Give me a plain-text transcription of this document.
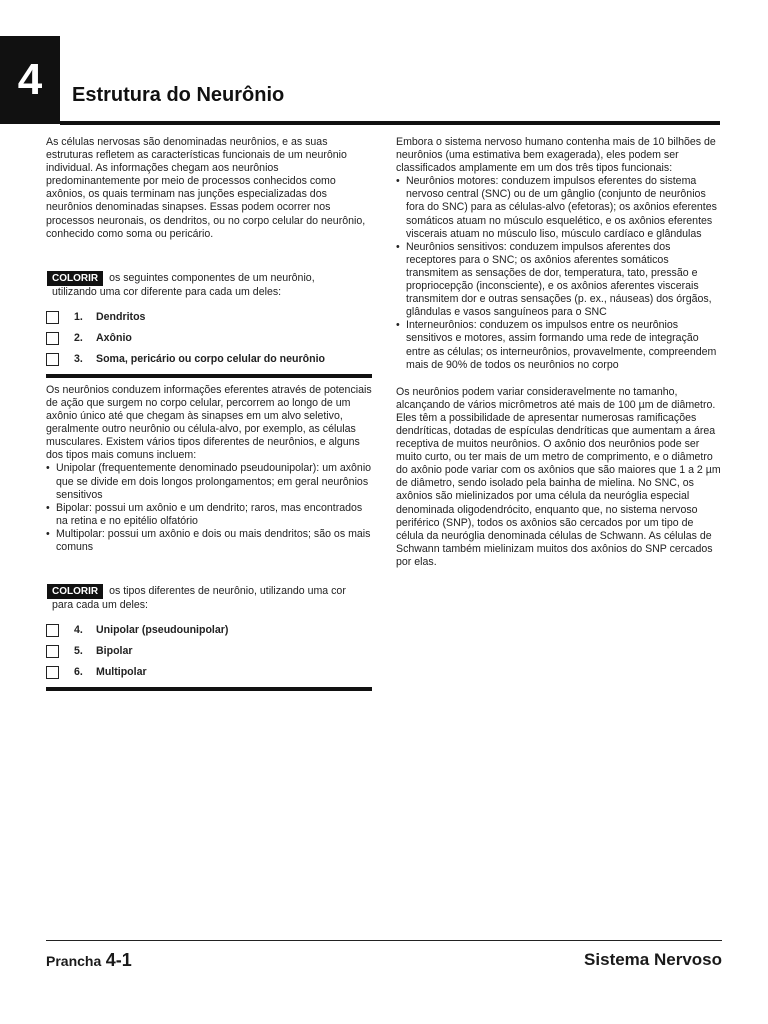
4	Estrutura do Neurônio

As células nervosas são denominadas neurônios, e as suas estruturas refletem as características funcionais de um neurônio individual. As informações chegam aos neurônios predominantemente por meio de processos conhecidos como axônios, os quais terminam nas junções especializadas dos neurônios denominadas sinapses. Essas podem ocorrer nos processos neuronais, os dendritos, ou no corpo celular do neurônio, conhecido como soma ou pericário.

COLORIR os seguintes componentes de um neurônio,
utilizando uma cor diferente para cada um deles:
1.	Dendritos
2.	Axônio
3.	Soma, pericário ou corpo celular do neurônio

Os neurônios conduzem informações eferentes através de potenciais de ação que surgem no corpo celular, percorrem ao longo de um axônio único até que chegam às sinapses em um alvo seletivo, geralmente outro neurônio ou célula-alvo, por exemplo, as células musculares. Existem vários tipos diferentes de neurônios, e alguns dos tipos mais comuns incluem:

• Unipolar (frequentemente denominado pseudounipolar): um axônio que se divide em dois longos prolongamentos; em geral neurônios sensitivos
• Bipolar: possui um axônio e um dendrito; raros, mas encontrados na retina e no epitélio olfatório
• Multipolar: possui um axônio e dois ou mais dendritos; são os mais comuns
COLORIR os tipos diferentes de neurônio, utilizando uma cor
para cada um deles:
4.	Unipolar (pseudounipolar)
5.	Bipolar
6.	Multipolar

Embora o sistema nervoso humano contenha mais de 10 bilhões de neurônios (uma estimativa bem exagerada), eles podem ser classificados amplamente em um dos três tipos funcionais:

• Neurônios motores: conduzem impulsos eferentes do sistema nervoso central (SNC) ou de um gânglio (conjunto de neurônios fora do SNC) para as células-alvo (efetoras); os axônios eferentes somáticos atuam no músculo esquelético, e os axônios eferentes viscerais atuam no músculo liso, músculo cardíaco e glândulas
• Neurônios sensitivos: conduzem impulsos aferentes dos receptores para o SNC; os axônios aferentes somáticos transmitem as sensações de dor, temperatura, tato, pressão e propriocepção (inconsciente), e os axônios aferentes viscerais transmitem dor e outras sensações (p. ex., náuseas) dos órgãos, glândulas e vasos sanguíneos para o SNC
• Interneurônios: conduzem os impulsos entre os neurônios sensitivos e motores, assim formando uma rede de integração entre as células; os interneurônios, provavelmente, compreendem mais de 90% de todos os neurônios no corpo

Os neurônios podem variar consideravelmente no tamanho, alcançando de vários micrômetros até mais de 100 µm de diâmetro. Eles têm a possibilidade de apresentar numerosas ramificações dendríticas, dotadas de espículas dendríticas que aumentam a área receptiva de muitos neurônios. O axônio dos neurônios pode ser muito curto, ou ter mais de um metro de comprimento, e o diâmetro do axônio pode variar com os axônios que são maiores que 1 a 2 µm de diâmetro, sendo isolado pela bainha de mielina. No SNC, os axônios são mielinizados por uma célula da neuróglia especial denominada oligodendrócito, enquanto que, no sistema nervoso periférico (SNP), todos os axônios são cercados por um tipo de célula da neuróglia denominada células de Schwann. As células de Schwann também mielinizam muitos dos axônios do SNP cercados por elas.

Prancha 4-1	Sistema Nervoso
